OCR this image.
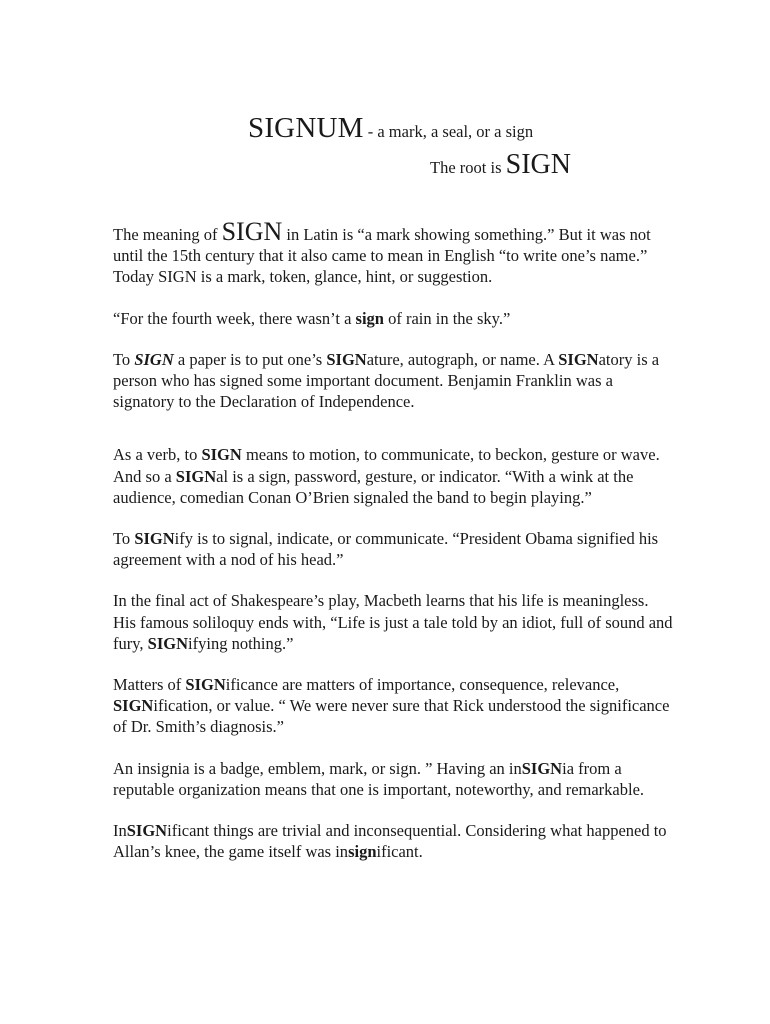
SIGNUM - a mark, a seal, or a sign
The root is SIGN

The meaning of SIGN in Latin is “a mark showing something.” But it was not until the 15th century that it also came to mean in English “to write one’s name.” Today SIGN is a mark, token, glance, hint, or suggestion.

“For the fourth week, there wasn’t a sign of rain in the sky.”

To SIGN a paper is to put one’s SIGNature, autograph, or name. A SIGNatory is a person who has signed some important document. Benjamin Franklin was a signatory to the Declaration of Independence.

As a verb, to SIGN means to motion, to communicate, to beckon, gesture or wave. And so a SIGNal is a sign, password, gesture, or indicator. “With a wink at the audience, comedian Conan O’Brien signaled the band to begin playing.”

To SIGNify is to signal, indicate, or communicate. “President Obama signified his agreement with a nod of his head.”

In the final act of Shakespeare’s play, Macbeth learns that his life is meaningless. His famous soliloquy ends with, “Life is just a tale told by an idiot, full of sound and fury, SIGNifying nothing.”

Matters of SIGNificance are matters of importance, consequence, relevance, SIGNification, or value. “ We were never sure that Rick understood the significance of Dr. Smith’s diagnosis.”

An insignia is a badge, emblem, mark, or sign. ” Having an inSIGNia from a reputable organization means that one is important, noteworthy, and remarkable.

InSIGNificant things are trivial and inconsequential. Considering what happened to Allan’s knee, the game itself was insignificant.
